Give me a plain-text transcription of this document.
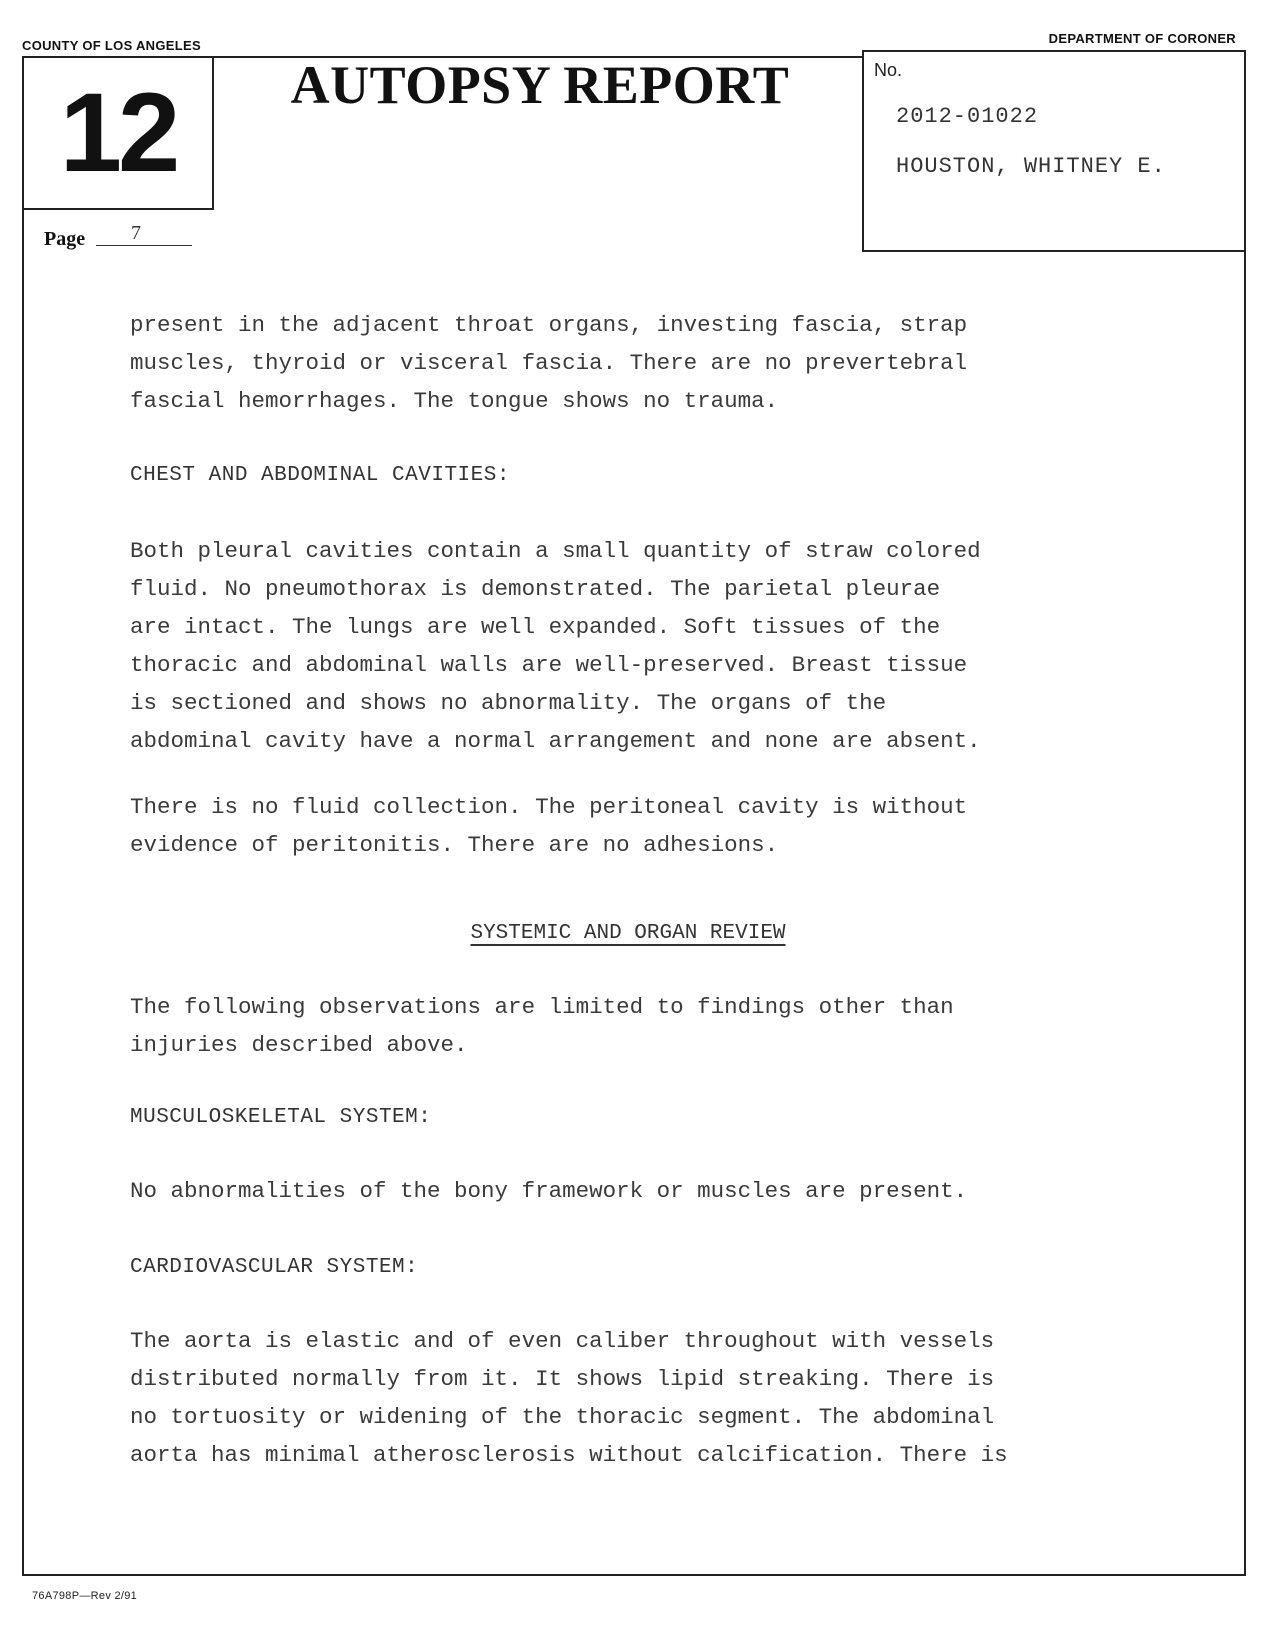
COUNTY OF LOS ANGELES	DEPARTMENT OF CORONER
12
Page	7
AUTOPSY REPORT	No.
2012-01022
HOUSTON, WHITNEY E.

present in the adjacent throat organs, investing fascia, strap
muscles, thyroid or visceral fascia. There are no prevertebral
fascial hemorrhages. The tongue shows no trauma.

CHEST AND ABDOMINAL CAVITIES:

Both pleural cavities contain a small quantity of straw colored
fluid. No pneumothorax is demonstrated. The parietal pleurae
are intact. The lungs are well expanded. Soft tissues of the
thoracic and abdominal walls are well-preserved. Breast tissue
is sectioned and shows no abnormality. The organs of the
abdominal cavity have a normal arrangement and none are absent.

There is no fluid collection. The peritoneal cavity is without
evidence of peritonitis. There are no adhesions.

SYSTEMIC AND ORGAN REVIEW

The following observations are limited to findings other than
injuries described above.

MUSCULOSKELETAL SYSTEM:

No abnormalities of the bony framework or muscles are present.

CARDIOVASCULAR SYSTEM:

The aorta is elastic and of even caliber throughout with vessels
distributed normally from it. It shows lipid streaking. There is
no tortuosity or widening of the thoracic segment. The abdominal
aorta has minimal atherosclerosis without calcification. There is

76A798P—Rev 2/91
